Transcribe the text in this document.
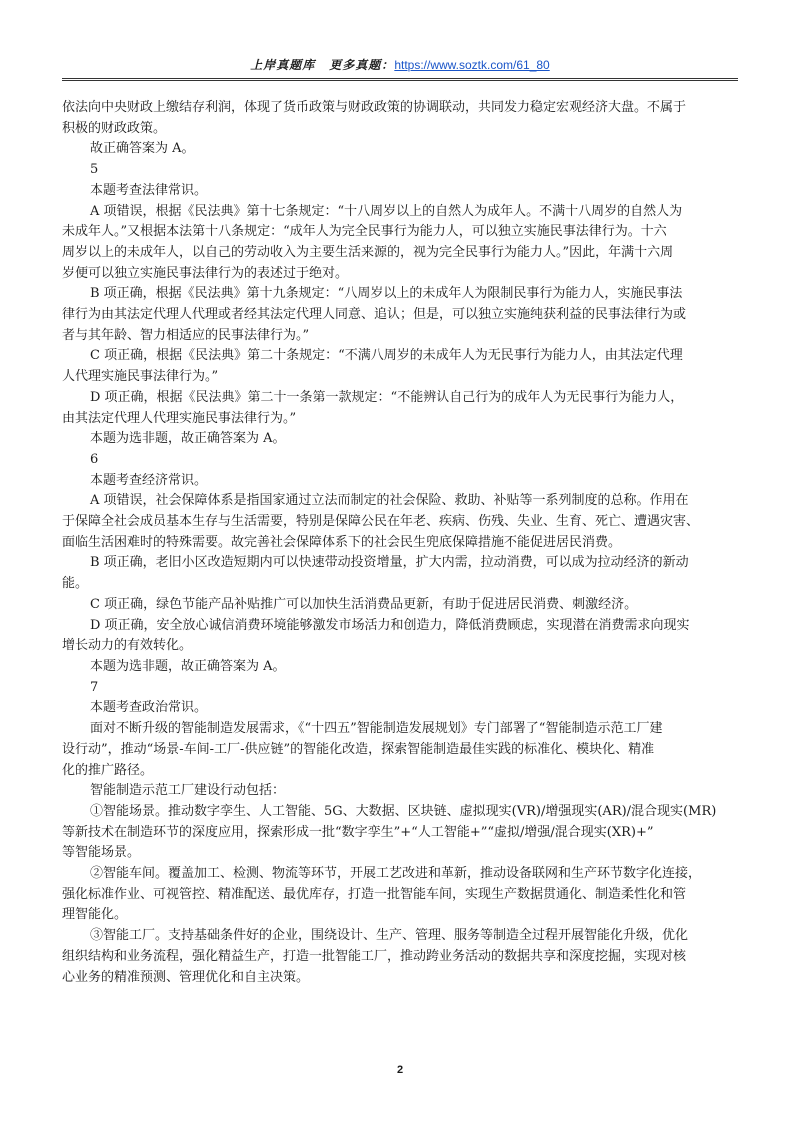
上岸真题库 更多真题：https://www.soztk.com/61_80

依法向中央财政上缴结存利润，体现了货币政策与财政政策的协调联动，共同发力稳定宏观经济大盘。不属于

积极的财政政策。

故正确答案为 A。

5

本题考查法律常识。

A 项错误，根据《民法典》第十七条规定：“十八周岁以上的自然人为成年人。不满十八周岁的自然人为

未成年人。”又根据本法第十八条规定：“成年人为完全民事行为能力人，可以独立实施民事法律行为。十六

周岁以上的未成年人，以自己的劳动收入为主要生活来源的，视为完全民事行为能力人。”因此，年满十六周

岁便可以独立实施民事法律行为的表述过于绝对。

B 项正确，根据《民法典》第十九条规定：“八周岁以上的未成年人为限制民事行为能力人，实施民事法

律行为由其法定代理人代理或者经其法定代理人同意、追认；但是，可以独立实施纯获利益的民事法律行为或

者与其年龄、智力相适应的民事法律行为。”

C 项正确，根据《民法典》第二十条规定：“不满八周岁的未成年人为无民事行为能力人，由其法定代理

人代理实施民事法律行为。”

D 项正确，根据《民法典》第二十一条第一款规定：“不能辨认自己行为的成年人为无民事行为能力人，

由其法定代理人代理实施民事法律行为。”

本题为选非题，故正确答案为 A。

6

本题考查经济常识。

A 项错误，社会保障体系是指国家通过立法而制定的社会保险、救助、补贴等一系列制度的总称。作用在

于保障全社会成员基本生存与生活需要，特别是保障公民在年老、疾病、伤残、失业、生育、死亡、遭遇灾害、

面临生活困难时的特殊需要。故完善社会保障体系下的社会民生兜底保障措施不能促进居民消费。

B 项正确，老旧小区改造短期内可以快速带动投资增量，扩大内需，拉动消费，可以成为拉动经济的新动

能。

C 项正确，绿色节能产品补贴推广可以加快生活消费品更新，有助于促进居民消费、刺激经济。

D 项正确，安全放心诚信消费环境能够激发市场活力和创造力，降低消费顾虑，实现潜在消费需求向现实

增长动力的有效转化。

本题为选非题，故正确答案为 A。

7

本题考查政治常识。

面对不断升级的智能制造发展需求，《“十四五”智能制造发展规划》专门部署了“智能制造示范工厂建

设行动”，推动“场景-车间-工厂-供应链”的智能化改造，探索智能制造最佳实践的标准化、模块化、精准

化的推广路径。

智能制造示范工厂建设行动包括：

①智能场景。推动数字孪生、人工智能、5G、大数据、区块链、虚拟现实(VR)/增强现实(AR)/混合现实(MR)

等新技术在制造环节的深度应用，探索形成一批“数字孪生”+“人工智能+”“虚拟/增强/混合现实(XR)+”

等智能场景。

②智能车间。覆盖加工、检测、物流等环节，开展工艺改进和革新，推动设备联网和生产环节数字化连接，

强化标准作业、可视管控、精准配送、最优库存，打造一批智能车间，实现生产数据贯通化、制造柔性化和管

理智能化。

③智能工厂。支持基础条件好的企业，围绕设计、生产、管理、服务等制造全过程开展智能化升级，优化

组织结构和业务流程，强化精益生产，打造一批智能工厂，推动跨业务活动的数据共享和深度挖掘，实现对核

心业务的精准预测、管理优化和自主决策。

2
